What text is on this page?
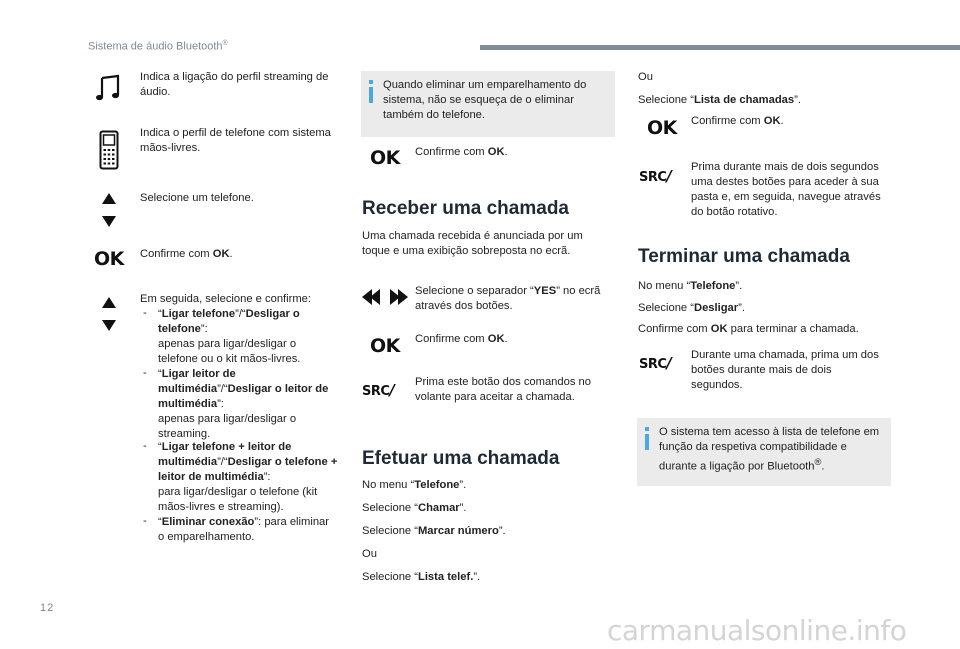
Sistema de áudio Bluetooth®
Indica a ligação do perfil streaming de áudio.
Indica o perfil de telefone com sistema mãos-livres.
Selecione um telefone.
OK Confirme com OK.
Em seguida, selecione e confirme:
- “Ligar telefone”/“Desligar o telefone”:
apenas para ligar/desligar o telefone ou o kit mãos-livres.
- “Ligar leitor de multimédia”/“Desligar o leitor de multimédia”:
apenas para ligar/desligar o streaming.
- “Ligar telefone + leitor de multimédia”/“Desligar o telefone + leitor de multimédia”:
para ligar/desligar o telefone (kit mãos-livres e streaming).
- “Eliminar conexão”: para eliminar o emparelhamento.
Quando eliminar um emparelhamento do sistema, não se esqueça de o eliminar também do telefone.
OK Confirme com OK.
Receber uma chamada
Uma chamada recebida é anunciada por um toque e uma exibição sobreposta no ecrã.
Selecione o separador “YES” no ecrã através dos botões.
OK Confirme com OK.
SRC/ Prima este botão dos comandos no volante para aceitar a chamada.
Efetuar uma chamada
No menu “Telefone”.
Selecione “Chamar”.
Selecione “Marcar número”.
Ou
Selecione “Lista telef.”.
Ou
Selecione “Lista de chamadas”.
OK Confirme com OK.
SRC/ Prima durante mais de dois segundos uma destes botões para aceder à sua pasta e, em seguida, navegue através do botão rotativo.
Terminar uma chamada
No menu “Telefone”.
Selecione “Desligar”.
Confirme com OK para terminar a chamada.
SRC/ Durante uma chamada, prima um dos botões durante mais de dois segundos.
O sistema tem acesso à lista de telefone em função da respetiva compatibilidade e durante a ligação por Bluetooth®.
12
carmanualsonline.info
